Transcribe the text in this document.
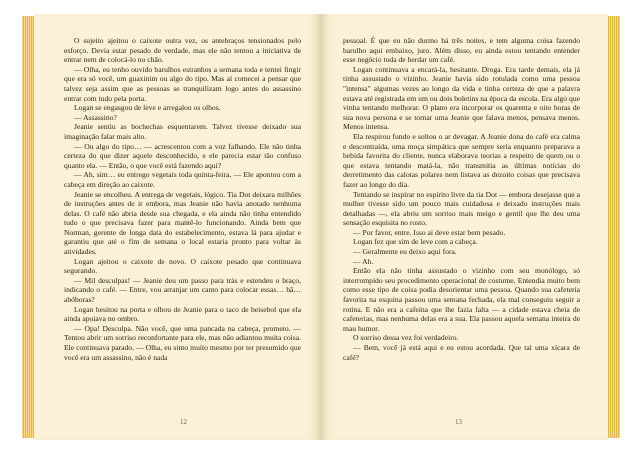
O sujeito ajeitou o caixote outra vez, os antebraços tensionados pelo esforço. Devia estar pesado de verdade, mas ele não tentou a iniciativa de entrar nem de colocá-lo no chão.

— Olha, eu tenho ouvido barulhos estranhos a semana toda e tentei fingir que era só você, um guaxinim ou algo do tipo. Mas aí comecei a pensar que talvez seja assim que as pessoas se tranquilizam logo antes do assassino entrar com tudo pela porta.

Logan se engasgou de leve e arregalou os olhos.

— Assassino?

Jeanie sentiu as bochechas esquentarem. Talvez tivesse deixado sua imaginação falar mais alto.

— Ou algo do tipo… — acrescentou com a voz falhando. Ele não tinha certeza do que dizer aquele desconhecido, e ele parecia estar tão confuso quanto ela. — Então, o que você está fazendo aqui?

— Ah, sim… eu entrego vegetais toda quinta-feira. — Ele apontou com a cabeça em direção ao caixote.

Jeanie se encolheu. A entrega de vegetais, lógico. Tia Dot deixara milhões de instruções antes de ir embora, mas Jeanie não havia anotado nenhuma delas. O café não abria desde sua chegada, e ela ainda não tinha entendido tudo o que precisava fazer para mantê-lo funcionando. Ainda bem que Norman, gerente de longa data do estabelecimento, estava lá para ajudar e garantiu que até o fim de semana o local estaria pronto para voltar às atividades.

Logan ajeitou o caixote de novo. O caixote pesado que continuava segurando.

— Mil desculpas! — Jeanie deu um passo para trás e estendeu o braço, indicando o café. — Entre, vou arranjar um canto para colocar essas… hã… abóboras?

Logan hesitou na porta e olhou de Jeanie para o taco de beisebol que ela ainda apoiava no ombro.

— Opa! Desculpa. Não você, que uma pancada na cabeça, prometo. — Tentou abrir um sorriso reconfortante para ele, mas não adiantou muita coisa. Ele continuava parado. — Olha, eu sinto muito mesmo por ter presumido que você era um assassino, não é nada

12

pessoal. É que eu não durmo há três noites, e tem alguma coisa fazendo barulho aqui embaixo, juro. Além disso, eu ainda estou tentando entender esse negócio toda de herdar um café.

Logan continuava a encará-la, hesitante. Droga. Era tarde demais, ela já tinha assustado o vizinho. Jeanie havia sido rotulada como uma pessoa "intensa" algumas vezes ao longo da vida e tinha certeza de que a palavra estava até registrada em um ou dois boletins na época da escola. Era algo que vinha tentando melhorar. O plano era incorporar os quarenta e oito horas de sua nova persona e se tornar uma Jeanie que falava menos, pensava menos. Menos intensa.

Ela respirou fundo e soltou o ar devagar. A Jeanie dona do café era calma e descontraída, uma moça simpática que sempre seria enquanto preparava a bebida favorita do cliente, nunca elaborava teorias a respeito de quem ou o que estava tentando matá-la, não transmitia as últimas notícias do derretimento das calotas polares nem listava as dezoito coisas que precisava fazer ao longo do dia.

Tentando se inspirar no espírito livre da tia Dot — embora desejasse que a mulher tivesse sido um pouco mais cuidadosa e deixado instruções mais detalhadas —, ela abriu um sorriso mais meigo e gentil que lhe deu uma sensação esquisita no rosto.

— Por favor, entre. Isso aí deve estar bem pesado.

Logan fez que sim de leve com a cabeça.

— Geralmente eu deixo aqui fora.

— Ah.

Então ela não tinha assustado o vizinho com seu monólogo, só interrompido seu procedimento operacional de costume. Entendia muito bem como esse tipo de coisa podia desorientar uma pessoa. Quando sua cafeteria favorita na esquina passou uma semana fechada, ela mal conseguiu seguir a rotina. E não era a cafeína que lhe fazia falta — a cidade estava cheia de cafeterias, mas nenhuma delas era a sua. Ela passou aquela semana inteira de mau humor.

O sorriso dessa vez foi verdadeiro.

— Bem, você já está aqui e eu estou acordada. Que tal uma xícara de café?

13
